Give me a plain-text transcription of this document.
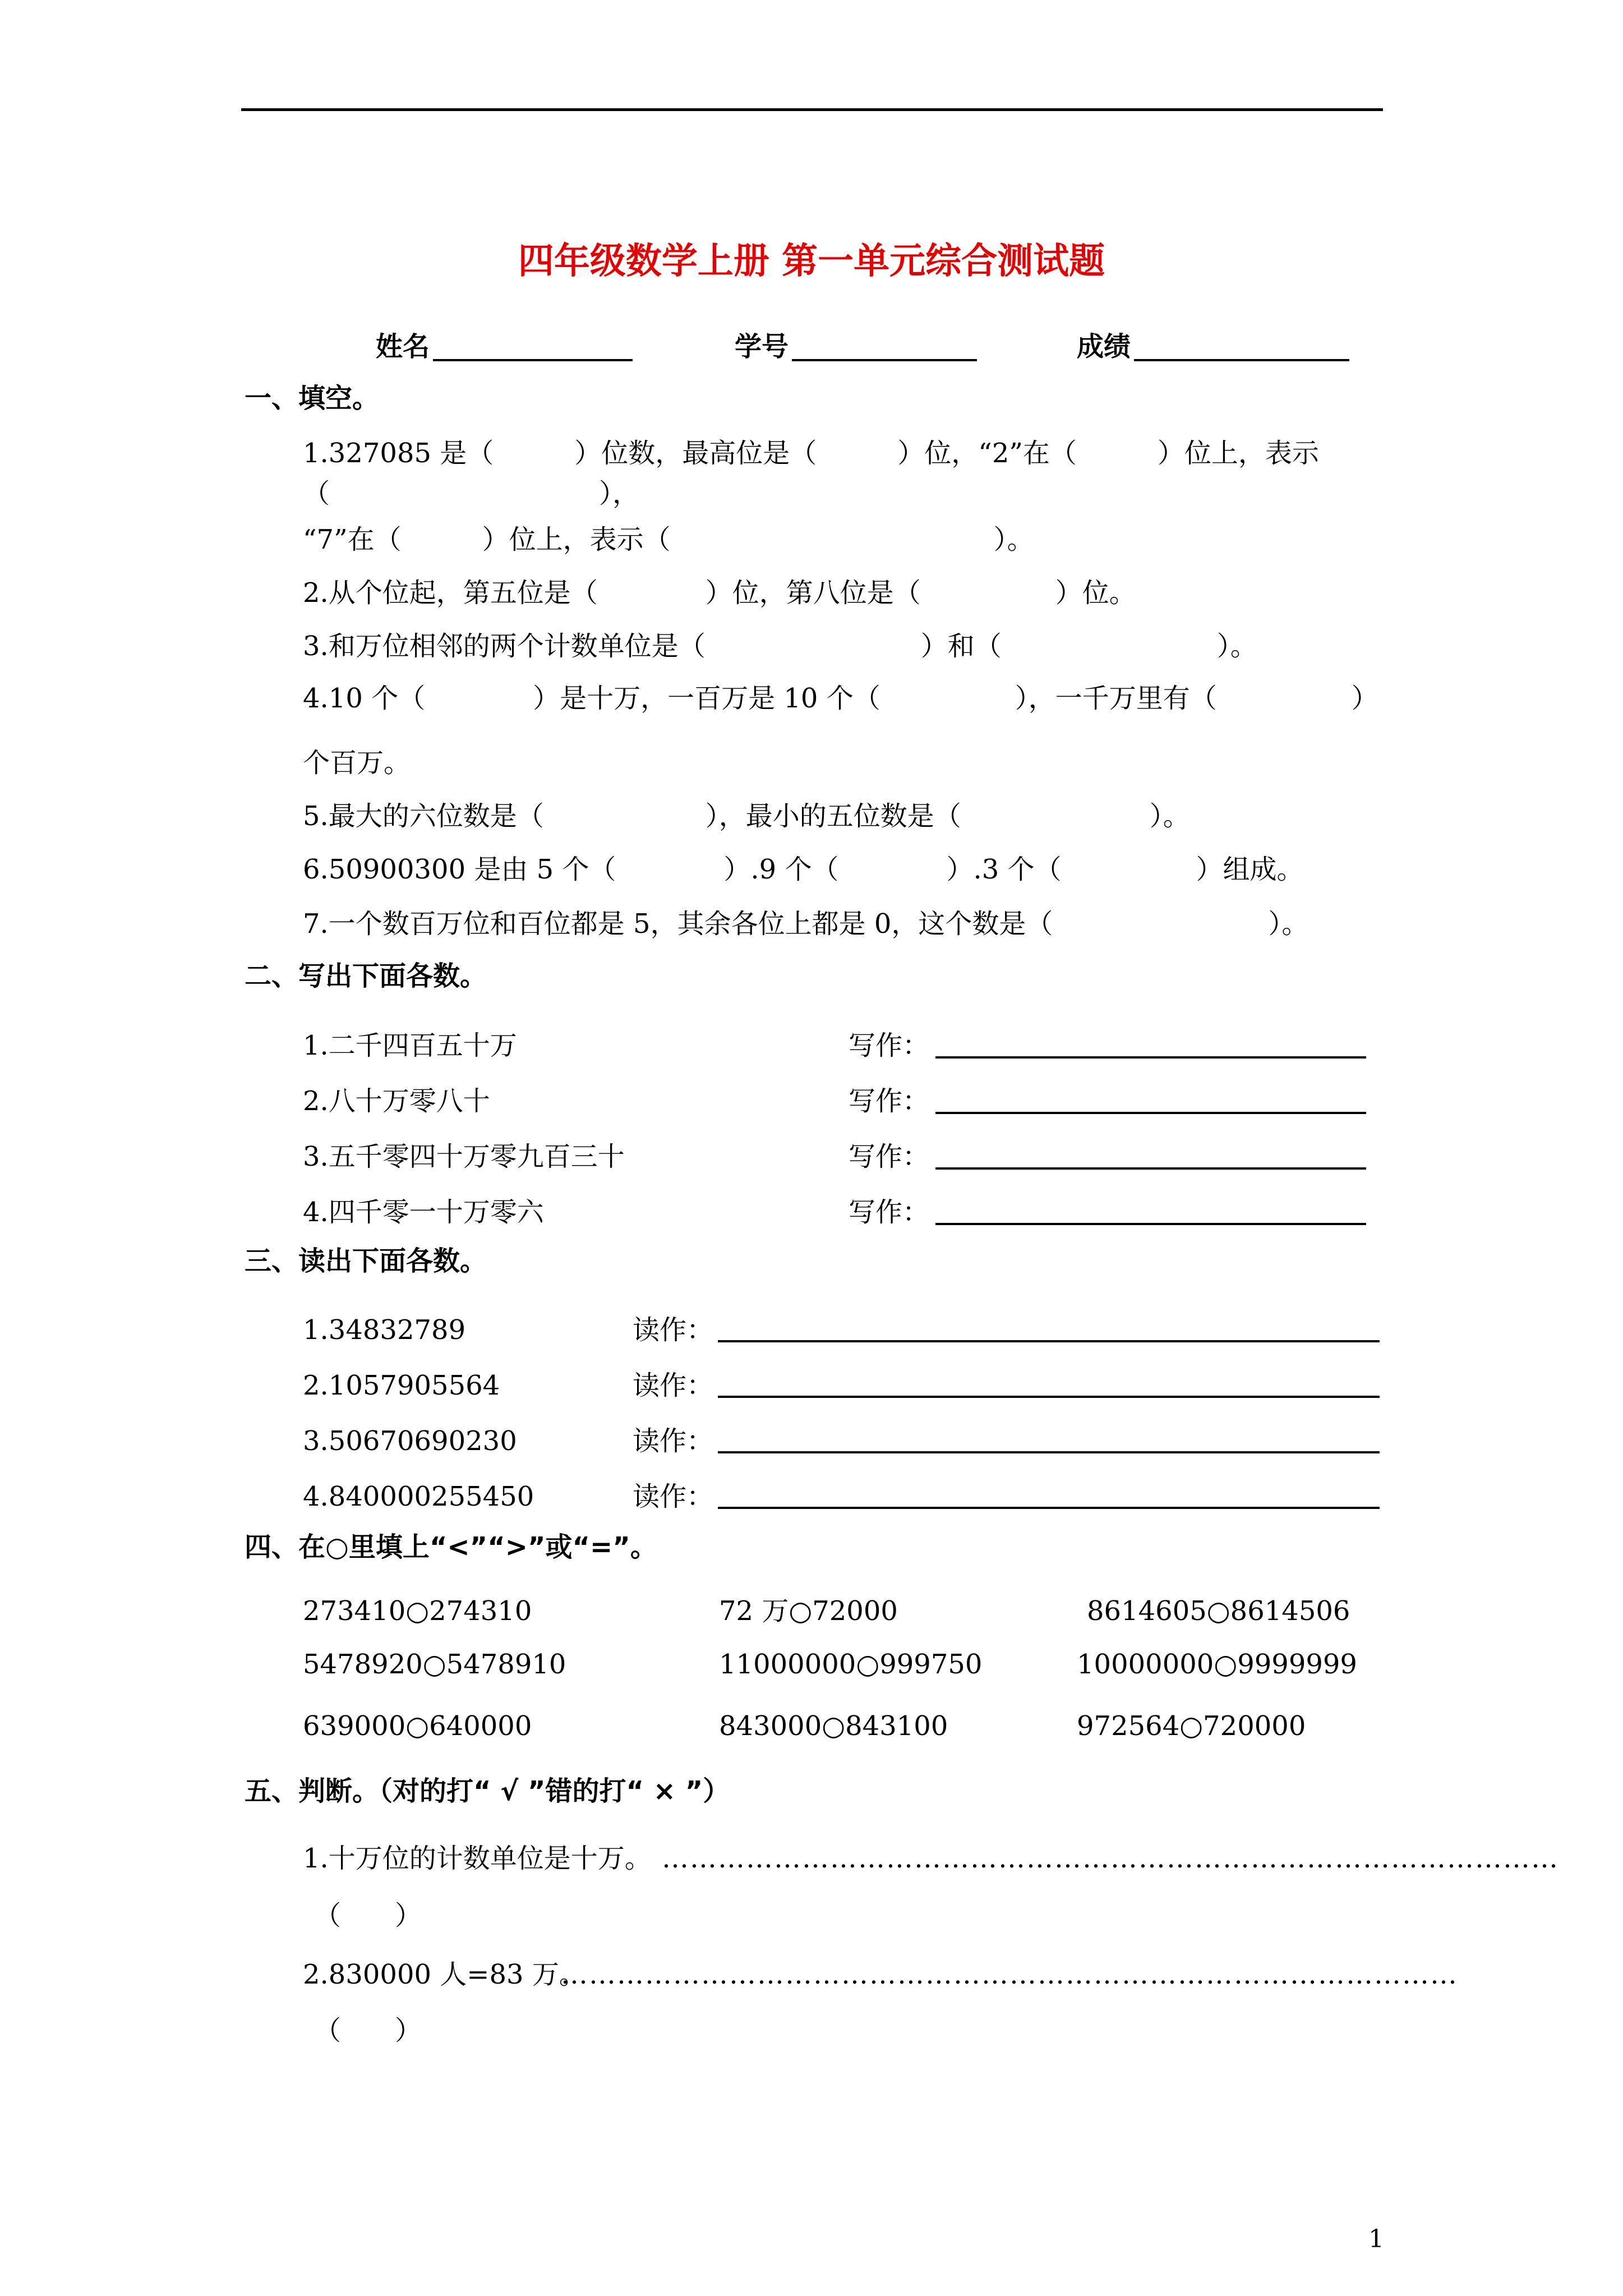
四年级数学上册 第一单元综合测试题
姓名	学号	成绩
一、填空。
1.327085 是（　　　）位数，最高位是（　　　）位，“2”在（　　　）位上，表示
（　　　　　　　　　　），
“7”在（　　　）位上，表示（　　　　　　　　　　　　）。
2.从个位起，第五位是（　　　　）位，第八位是（　　　　　）位。
3.和万位相邻的两个计数单位是（　　　　　　　　）和（　　　　　　　　）。
4.10 个（　　　　）是十万，一百万是 10 个（　　　　　），一千万里有（　　　　　）
个百万。
5.最大的六位数是（　　　　　　），最小的五位数是（　　　　　　　）。
6.50900300 是由 5 个（　　　　）.9 个（　　　　）.3 个（　　　　　）组成。
7.一个数百万位和百位都是 5，其余各位上都是 0，这个数是（　　　　　　　　）。
二、写出下面各数。
1.二千四百五十万	写作：
2.八十万零八十	写作：
3.五千零四十万零九百三十	写作：
4.四千零一十万零六	写作：
三、读出下面各数。
1.34832789	读作：
2.1057905564	读作：
3.50670690230	读作：
4.840000255450	读作：
四、在○里填上“<”“>”或“=”。
273410○274310	72 万○72000	8614605○8614506
5478920○5478910	11000000○999750	10000000○9999999
639000○640000	843000○843100	972564○720000
五、判断。（对的打“ √ ”错的打“ × ”）
1.十万位的计数单位是十万。 ……………………………………………………………………………………
（　　）
2.830000 人=83 万。
……………………………………………………………………………………
（　　）
1
